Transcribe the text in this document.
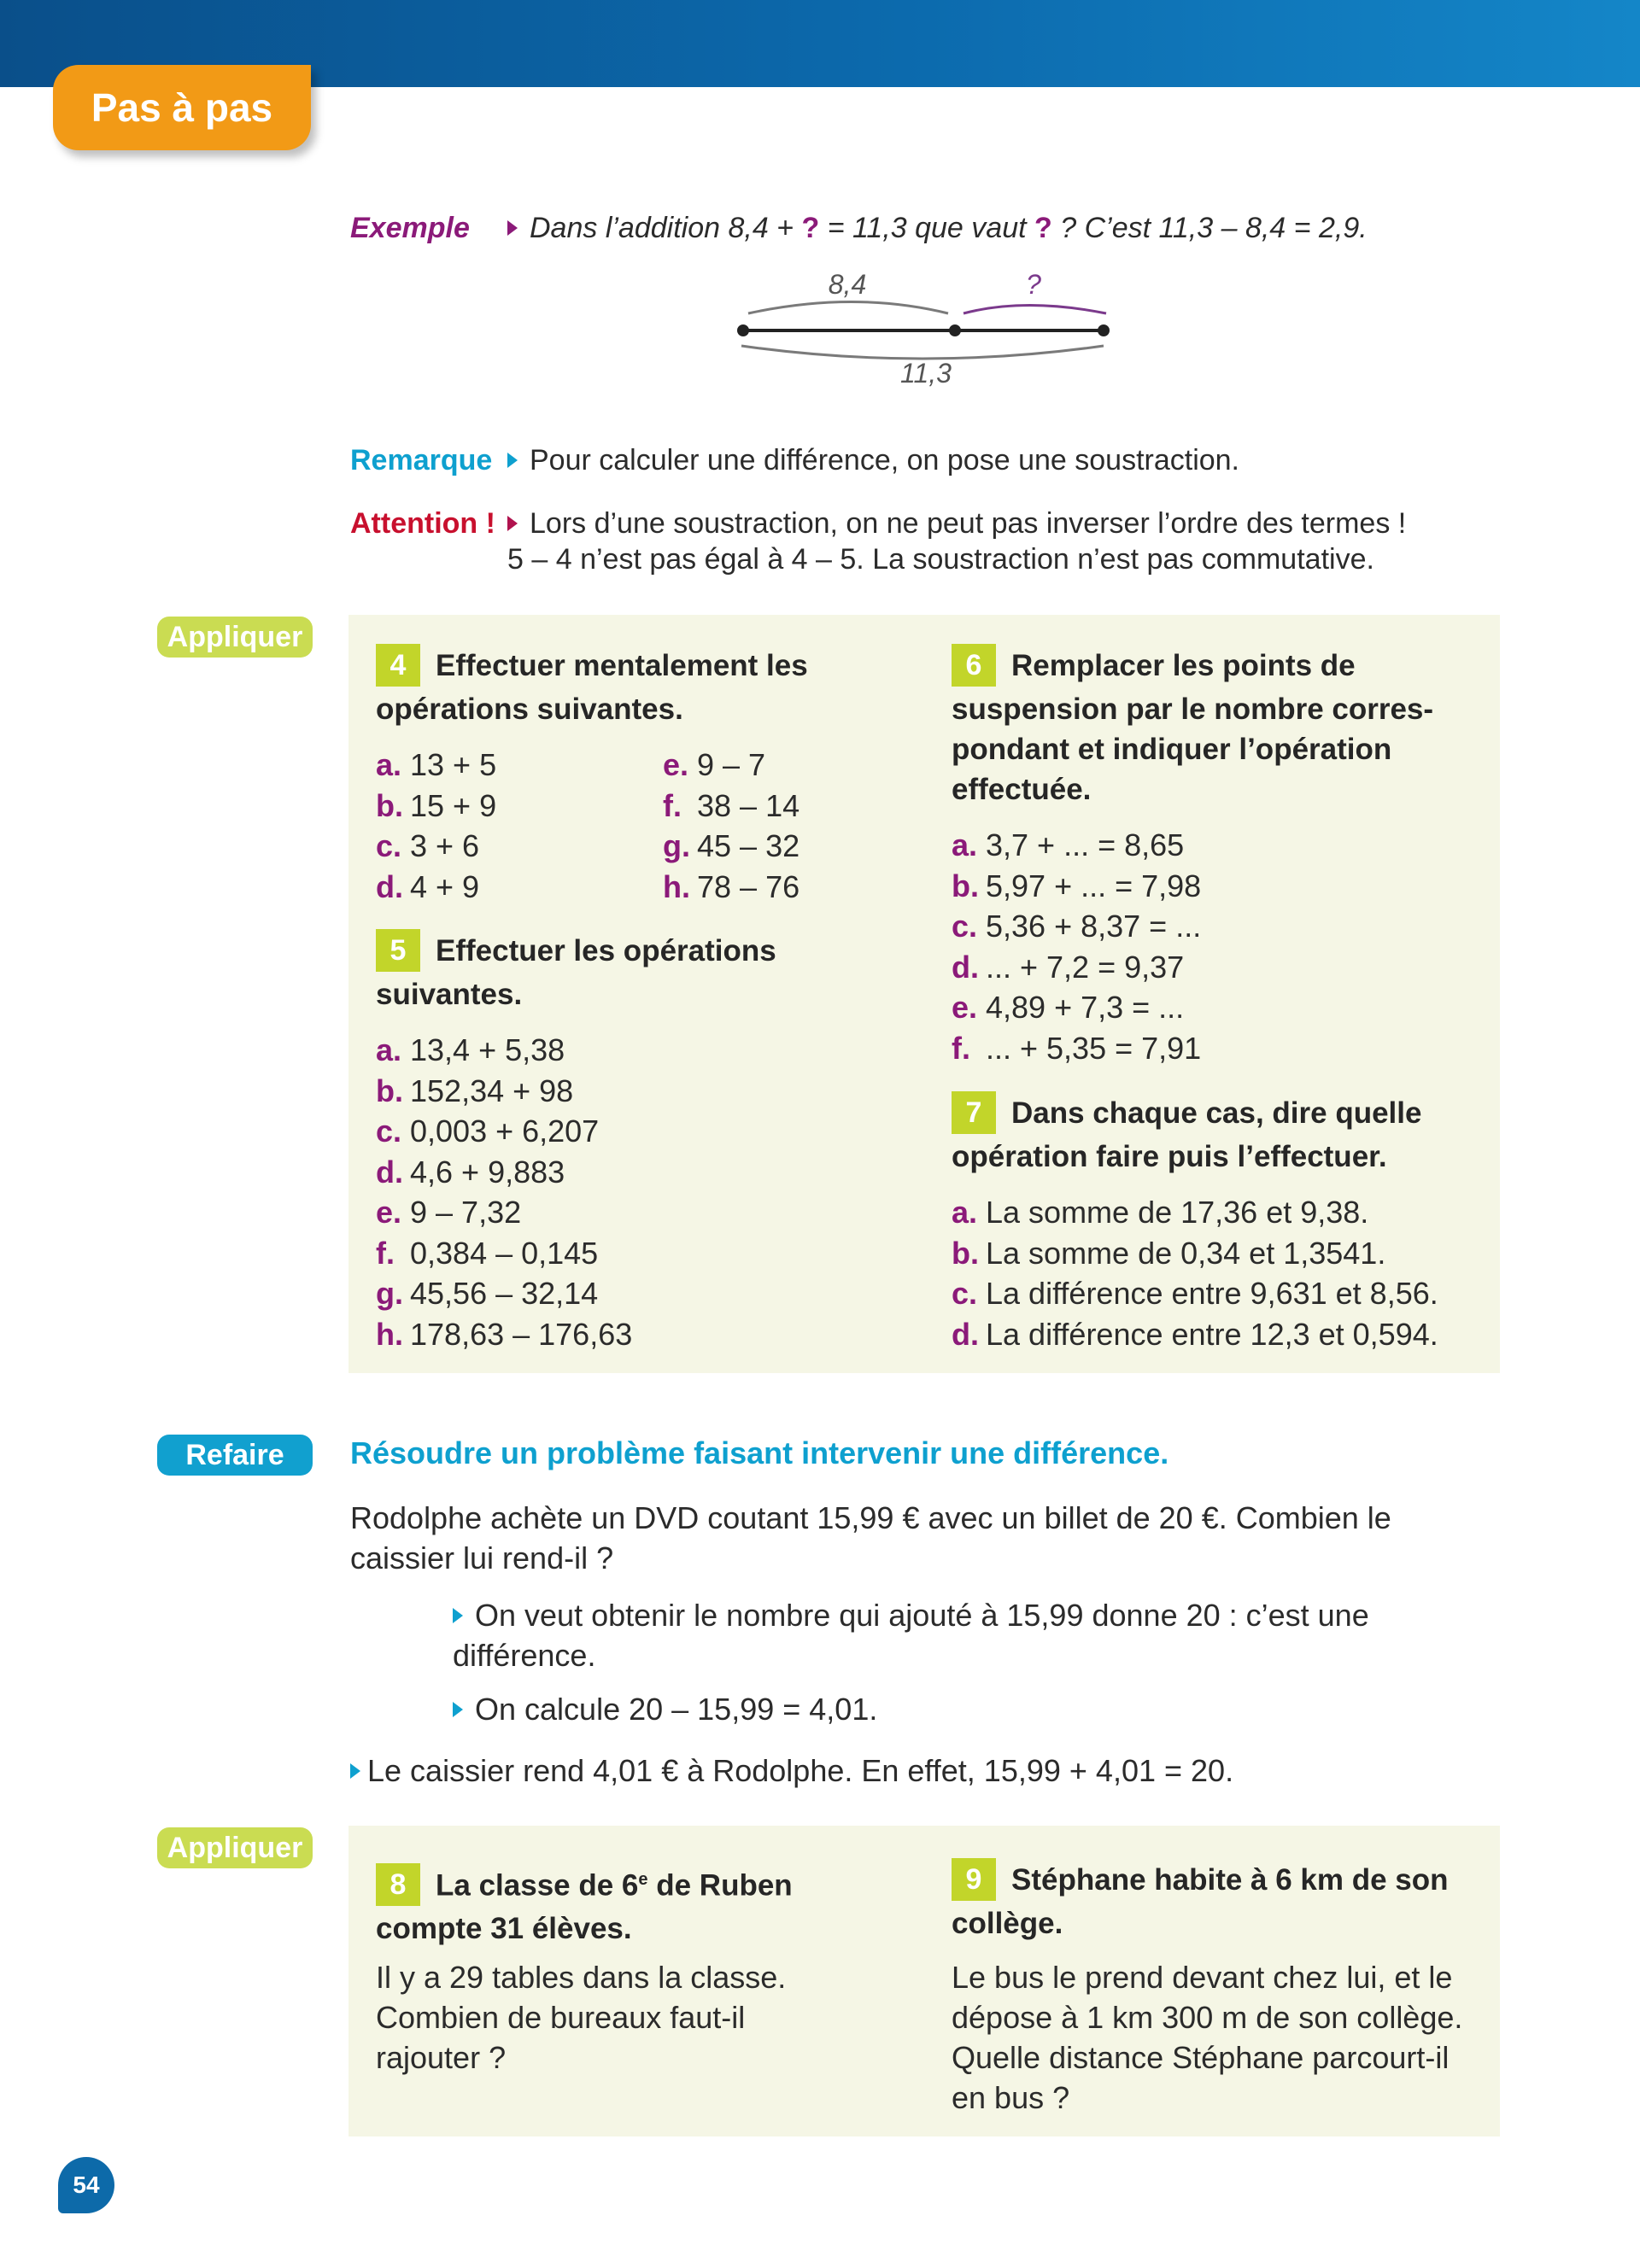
Pas à pas
Exemple	Dans l’addition 8,4 + ? = 11,3 que vaut ? ? C’est 11,3 – 8,4 = 2,9.
8,4	?
11,3
Remarque	Pour calculer une différence, on pose une soustraction.
Attention !	Lors d’une soustraction, on ne peut pas inverser l’ordre des termes !
5 – 4 n’est pas égal à 4 – 5. La soustraction n’est pas commutative.
Appliquer
4 Effectuer mentalement les opérations suivantes.
a. 13 + 5
b. 15 + 9
c. 3 + 6
d. 4 + 9
e. 9 – 7
f. 38 – 14
g. 45 – 32
h. 78 – 76
5 Effectuer les opérations suivantes.
a. 13,4 + 5,38
b. 152,34 + 98
c. 0,003 + 6,207
d. 4,6 + 9,883
e. 9 – 7,32
f. 0,384 – 0,145
g. 45,56 – 32,14
h. 178,63 – 176,63
6 Remplacer les points de suspension par le nombre corres-pondant et indiquer l’opération effectuée.
a. 3,7 + ... = 8,65
b. 5,97 + ... = 7,98
c. 5,36 + 8,37 = ...
d. ... + 7,2 = 9,37
e. 4,89 + 7,3 = ...
f. ... + 5,35 = 7,91
7 Dans chaque cas, dire quelle opération faire puis l’effectuer.
a. La somme de 17,36 et 9,38.
b. La somme de 0,34 et 1,3541.
c. La différence entre 9,631 et 8,56.
d. La différence entre 12,3 et 0,594.
Refaire	Résoudre un problème faisant intervenir une différence.
Rodolphe achète un DVD coutant 15,99 € avec un billet de 20 €. Combien le caissier lui rend-il ?
On veut obtenir le nombre qui ajouté à 15,99 donne 20 : c’est une différence.
On calcule 20 – 15,99 = 4,01.
Le caissier rend 4,01 € à Rodolphe. En effet, 15,99 + 4,01 = 20.
Appliquer
8 La classe de 6e de Ruben compte 31 élèves.
Il y a 29 tables dans la classe. Combien de bureaux faut-il rajouter ?
9 Stéphane habite à 6 km de son collège.
Le bus le prend devant chez lui, et le dépose à 1 km 300 m de son collège. Quelle distance Stéphane parcourt-il en bus ?
54
